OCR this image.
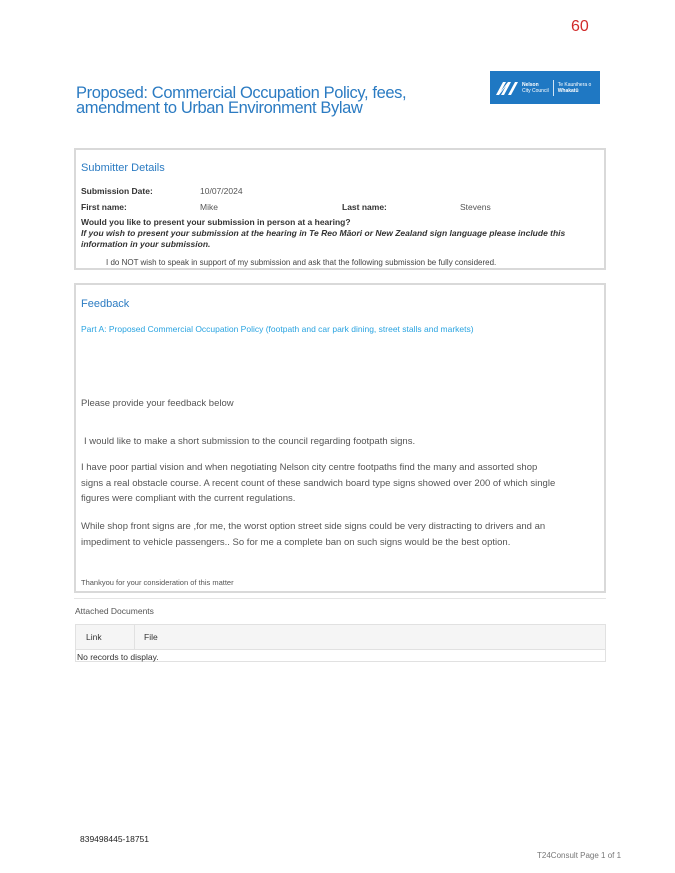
60
Proposed: Commercial Occupation Policy, fees, amendment to Urban Environment Bylaw
Nelson
City Council
Te Kaunihera o
Whakatū
Submitter Details
Submission Date:	10/07/2024
First name:	Mike	Last name:	Stevens
Would you like to present your submission in person at a hearing?
If you wish to present your submission at the hearing in Te Reo Māori or New Zealand sign language please include this information in your submission.
I do NOT wish to speak in support of my submission and ask that the following submission be fully considered.
Feedback
Part A: Proposed Commercial Occupation Policy (footpath and car park dining, street stalls and markets)
Please provide your feedback below

I would like to make a short submission to the council regarding footpath signs.

I have poor partial vision and when negotiating Nelson city centre footpaths find the many and assorted shop signs a real obstacle course. A recent count of these sandwich board type signs showed over 200 of which single figures were compliant with the current regulations.

While shop front signs are ,for me, the worst option street side signs could be very distracting to drivers and an impediment to vehicle passengers.. So for me a complete ban on such signs would be the best option.

Thankyou for your consideration of this matter
Attached Documents
Link	File
No records to display.
839498445-18751
T24Consult Page 1 of 1
